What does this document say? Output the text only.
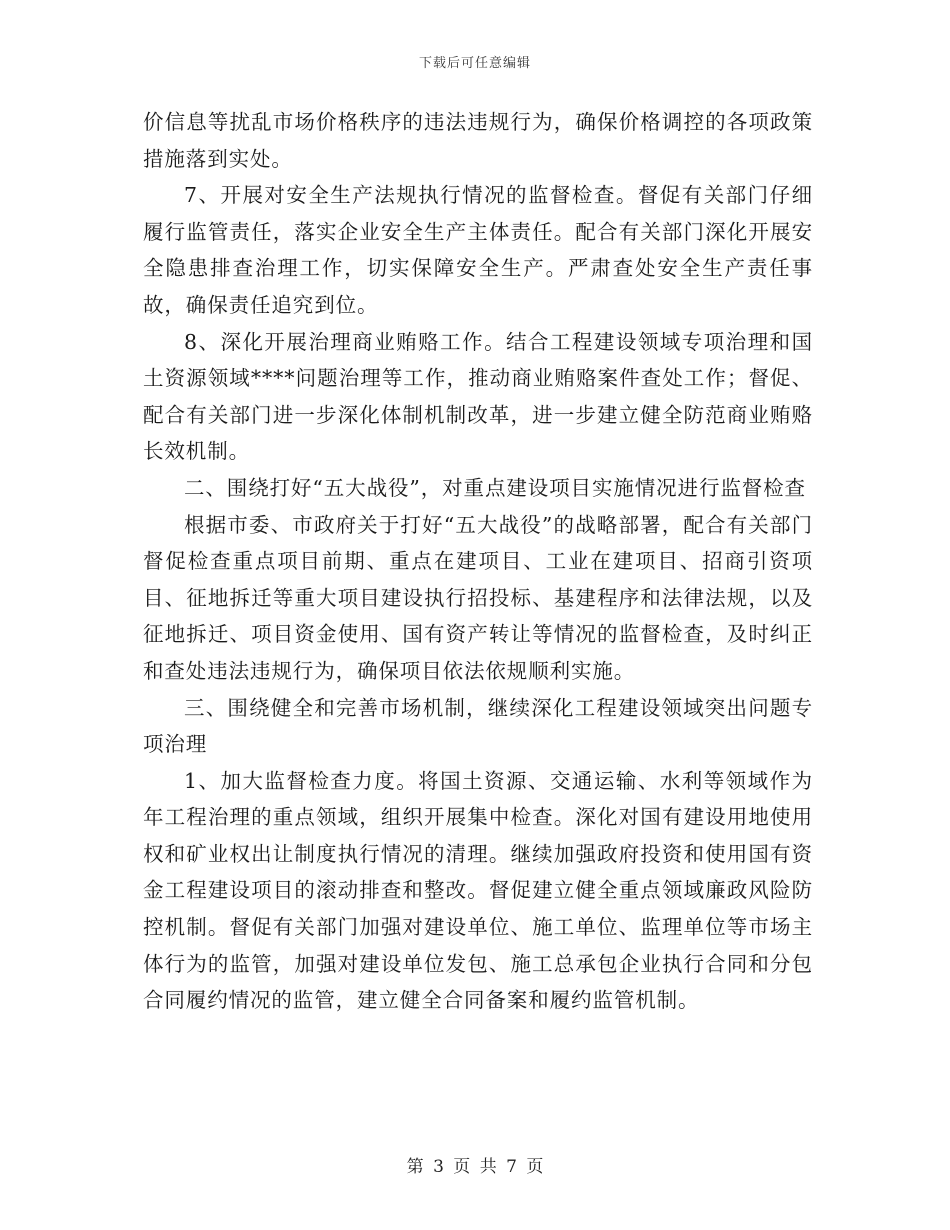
下载后可任意编辑

价信息等扰乱市场价格秩序的违法违规行为，确保价格调控的各项政策措施落到实处。

7、开展对安全生产法规执行情况的监督检查。督促有关部门仔细履行监管责任，落实企业安全生产主体责任。配合有关部门深化开展安全隐患排查治理工作，切实保障安全生产。严肃查处安全生产责任事故，确保责任追究到位。

8、深化开展治理商业贿赂工作。结合工程建设领域专项治理和国土资源领域****问题治理等工作，推动商业贿赂案件查处工作；督促、配合有关部门进一步深化体制机制改革，进一步建立健全防范商业贿赂长效机制。

二、围绕打好“五大战役”，对重点建设项目实施情况进行监督检查

根据市委、市政府关于打好“五大战役”的战略部署，配合有关部门督促检查重点项目前期、重点在建项目、工业在建项目、招商引资项目、征地拆迁等重大项目建设执行招投标、基建程序和法律法规，以及征地拆迁、项目资金使用、国有资产转让等情况的监督检查，及时纠正和查处违法违规行为，确保项目依法依规顺利实施。

三、围绕健全和完善市场机制，继续深化工程建设领域突出问题专项治理

1、加大监督检查力度。将国土资源、交通运输、水利等领域作为年工程治理的重点领域，组织开展集中检查。深化对国有建设用地使用权和矿业权出让制度执行情况的清理。继续加强政府投资和使用国有资金工程建设项目的滚动排查和整改。督促建立健全重点领域廉政风险防控机制。督促有关部门加强对建设单位、施工单位、监理单位等市场主体行为的监管，加强对建设单位发包、施工总承包企业执行合同和分包合同履约情况的监管，建立健全合同备案和履约监管机制。

第 3 页 共 7 页
